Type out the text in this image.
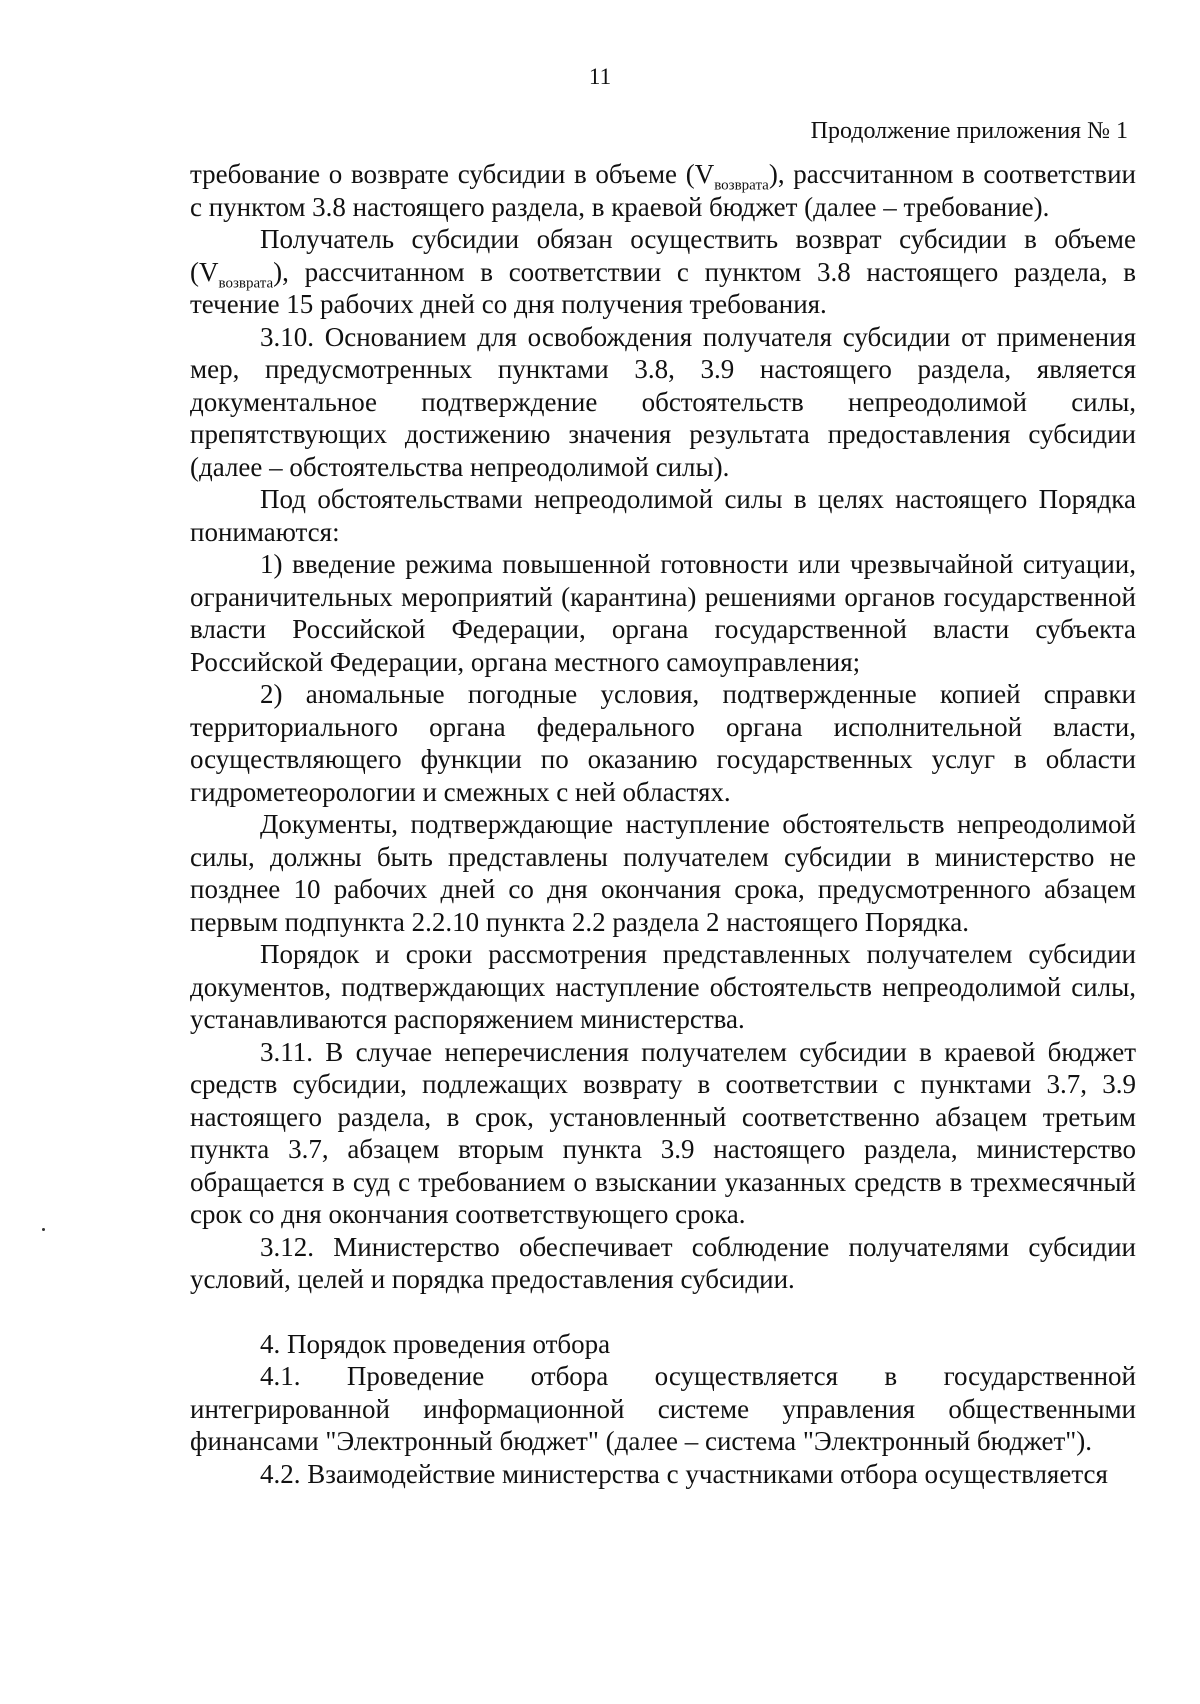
11
Продолжение приложения № 1

требование о возврате субсидии в объеме $(V_{возврата})$, рассчитанном в соответствии с пунктом 3.8 настоящего раздела, в краевой бюджет (далее – требование).

Получатель субсидии обязан осуществить возврат субсидии в объеме $(V_{возврата})$, рассчитанном в соответствии с пунктом 3.8 настоящего раздела, в течение 15 рабочих дней со дня получения требования.

3.10. Основанием для освобождения получателя субсидии от применения мер, предусмотренных пунктами 3.8, 3.9 настоящего раздела, является документальное подтверждение обстоятельств непреодолимой силы, препятствующих достижению значения результата предоставления субсидии (далее – обстоятельства непреодолимой силы).

Под обстоятельствами непреодолимой силы в целях настоящего Порядка понимаются:

1) введение режима повышенной готовности или чрезвычайной ситуации, ограничительных мероприятий (карантина) решениями органов государственной власти Российской Федерации, органа государственной власти субъекта Российской Федерации, органа местного самоуправления;

2) аномальные погодные условия, подтвержденные копией справки территориального органа федерального органа исполнительной власти, осуществляющего функции по оказанию государственных услуг в области гидрометеорологии и смежных с ней областях.

Документы, подтверждающие наступление обстоятельств непреодолимой силы, должны быть представлены получателем субсидии в министерство не позднее 10 рабочих дней со дня окончания срока, предусмотренного абзацем первым подпункта 2.2.10 пункта 2.2 раздела 2 настоящего Порядка.

Порядок и сроки рассмотрения представленных получателем субсидии документов, подтверждающих наступление обстоятельств непреодолимой силы, устанавливаются распоряжением министерства.

3.11. В случае неперечисления получателем субсидии в краевой бюджет средств субсидии, подлежащих возврату в соответствии с пунктами 3.7, 3.9 настоящего раздела, в срок, установленный соответственно абзацем третьим пункта 3.7, абзацем вторым пункта 3.9 настоящего раздела, министерство обращается в суд с требованием о взыскании указанных средств в трехмесячный срок со дня окончания соответствующего срока.

3.12. Министерство обеспечивает соблюдение получателями субсидии условий, целей и порядка предоставления субсидии.

4. Порядок проведения отбора

4.1. Проведение отбора осуществляется в государственной интегрированной информационной системе управления общественными финансами "Электронный бюджет" (далее – система "Электронный бюджет").

4.2. Взаимодействие министерства с участниками отбора осуществляется
